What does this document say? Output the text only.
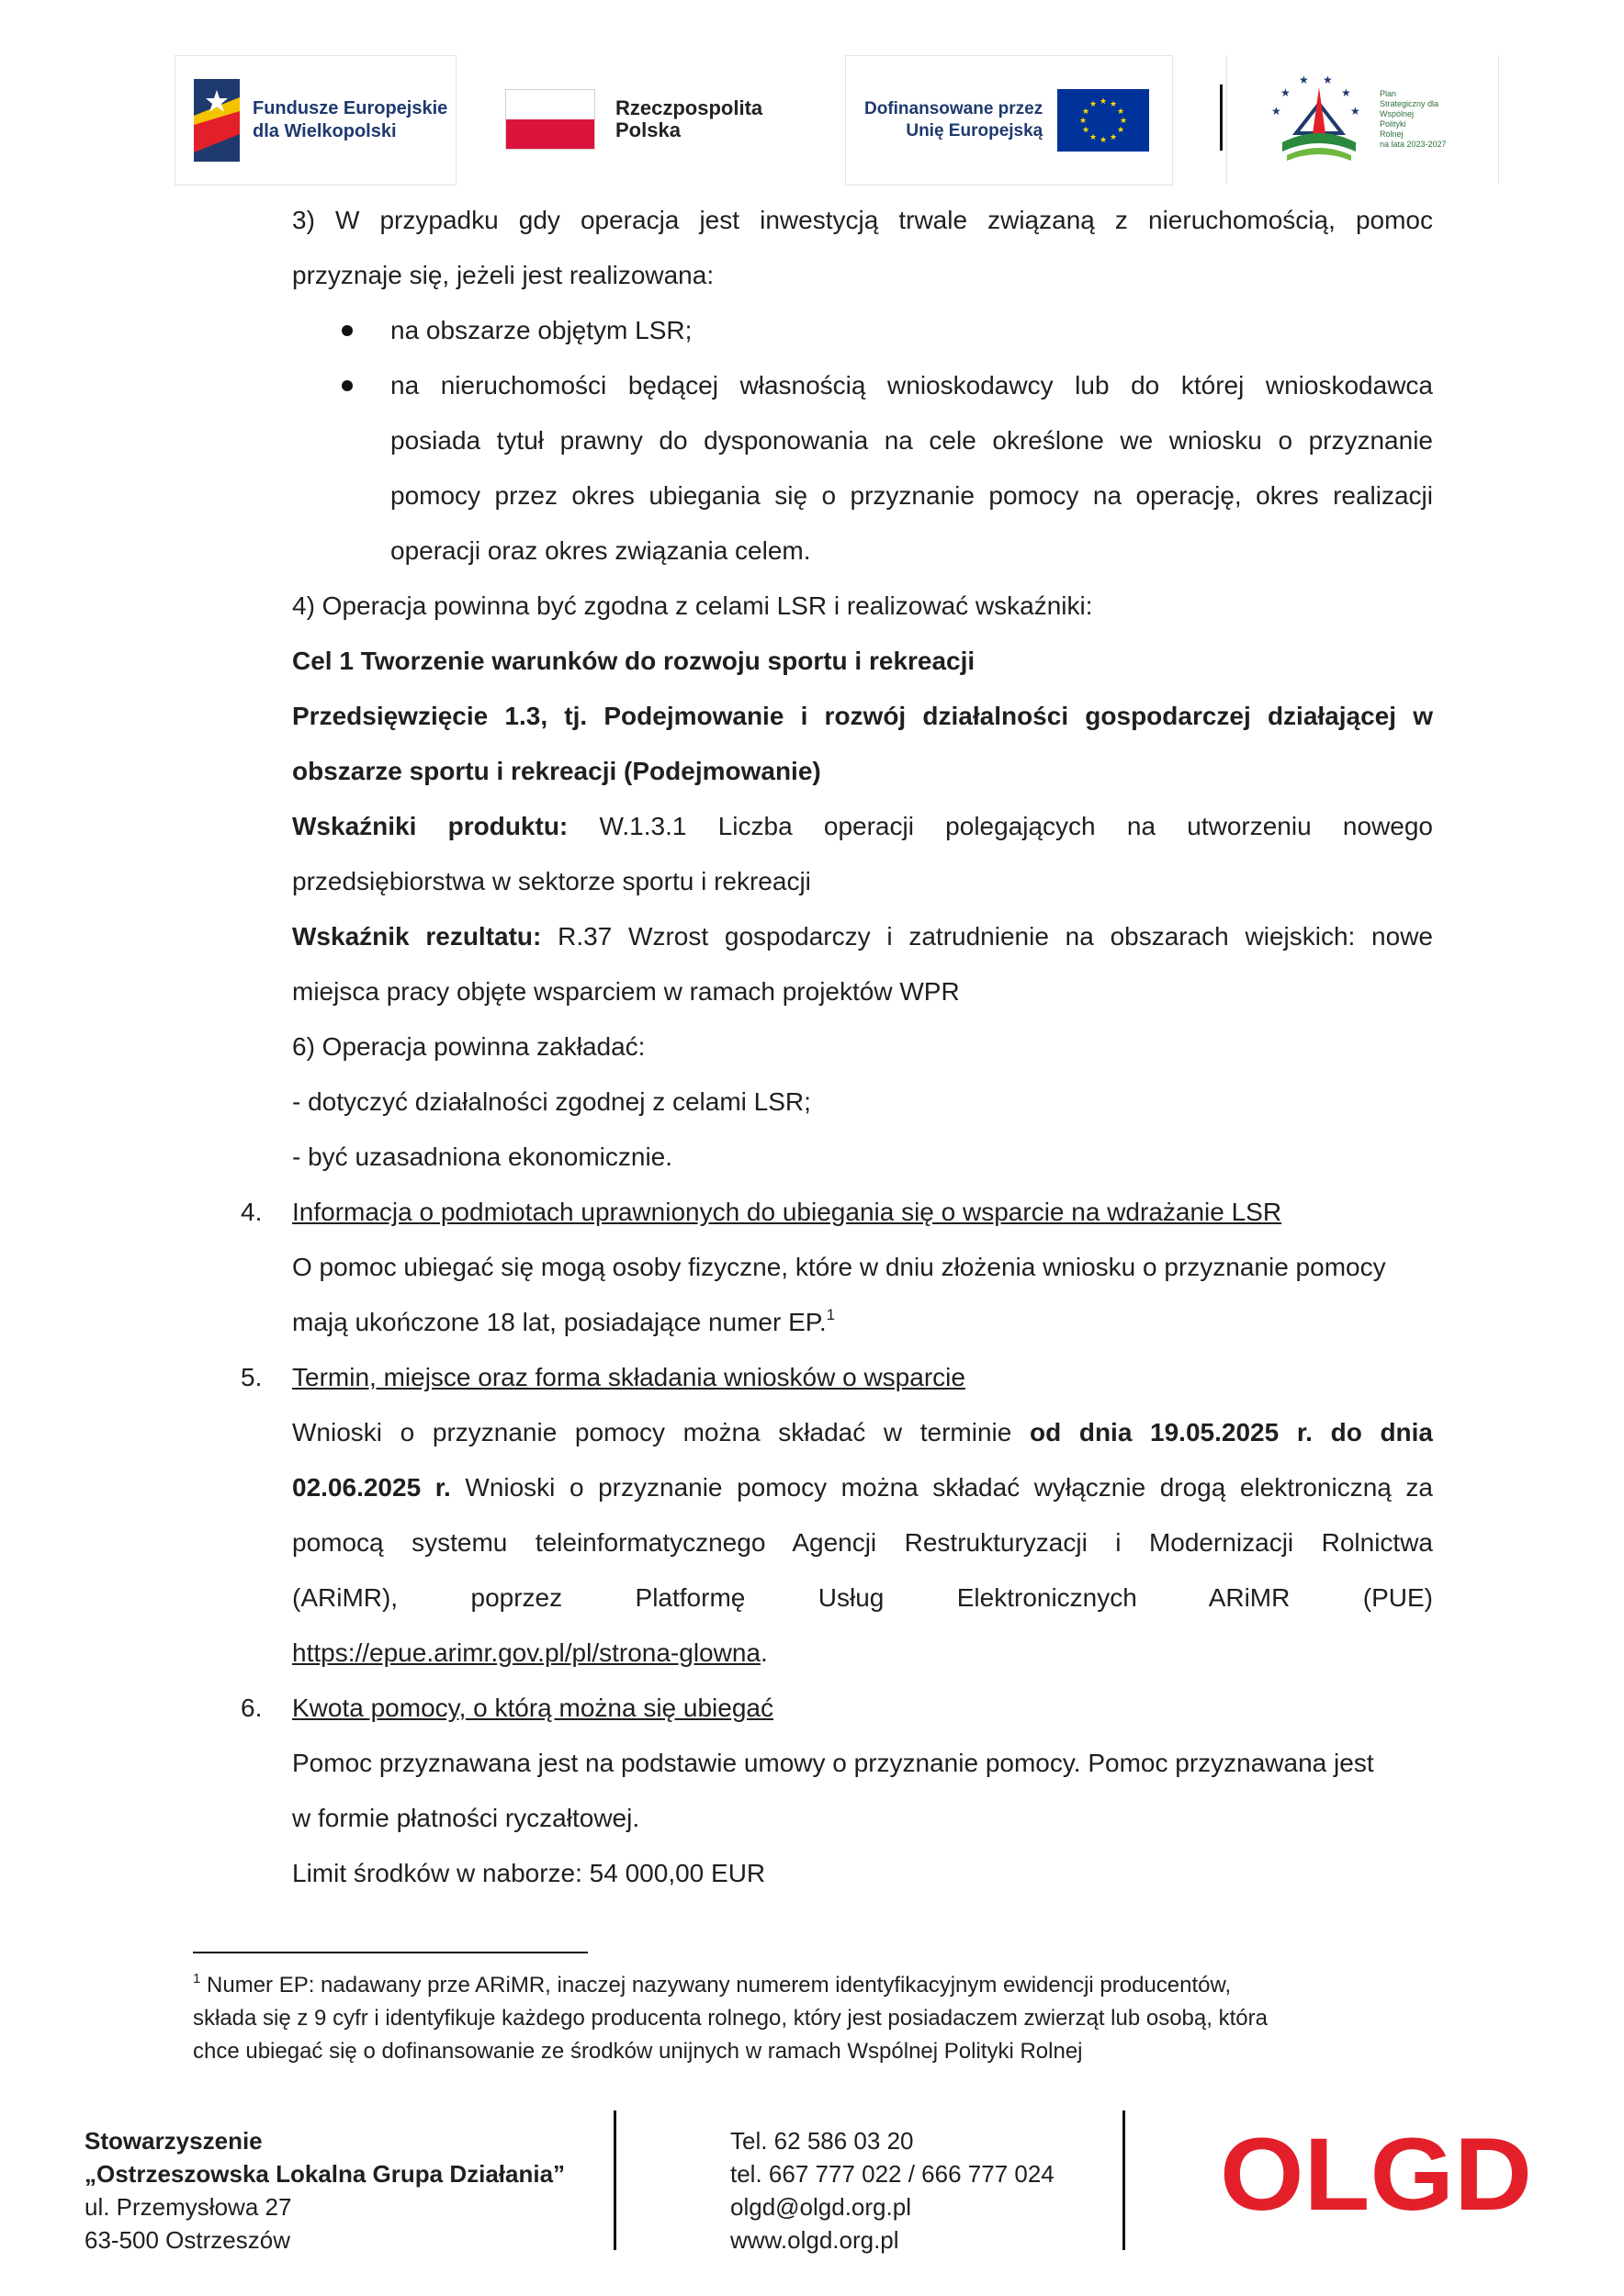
Fundusze Europejskie
dla Wielkopolski
Rzeczpospolita
Polska
Dofinansowane przez
Unię Europejską
★ ★
★
★
★
★
★
★
★
★
★
★	★
★
★ ★
★
★
Plan
Strategiczny dla
Wspólnej
Polityki
Rolnej
na lata 2023-2027
3) W przypadku gdy operacja jest inwestycją trwale związaną z nieruchomością, pomoc
przyznaje się, jeżeli jest realizowana:
na obszarze objętym LSR;
na nieruchomości będącej własnością wnioskodawcy lub do której wnioskodawca
posiada tytuł prawny do dysponowania na cele określone we wniosku o przyznanie
pomocy przez okres ubiegania się o przyznanie pomocy na operację, okres realizacji
operacji oraz okres związania celem.
4) Operacja powinna być zgodna z celami LSR i realizować wskaźniki:
Cel 1 Tworzenie warunków do rozwoju sportu i rekreacji
Przedsięwzięcie 1.3, tj. Podejmowanie i rozwój działalności gospodarczej działającej w
obszarze sportu i rekreacji (Podejmowanie)
Wskaźniki produktu: W.1.3.1 Liczba operacji polegających na utworzeniu nowego
przedsiębiorstwa w sektorze sportu i rekreacji
Wskaźnik rezultatu: R.37 Wzrost gospodarczy i zatrudnienie na obszarach wiejskich: nowe
miejsca pracy objęte wsparciem w ramach projektów WPR
6) Operacja powinna zakładać:
- dotyczyć działalności zgodnej z celami LSR;
- być uzasadniona ekonomicznie.
4. Informacja o podmiotach uprawnionych do ubiegania się o wsparcie na wdrażanie LSR
O pomoc ubiegać się mogą osoby fizyczne, które w dniu złożenia wniosku o przyznanie pomocy
mają ukończone 18 lat, posiadające numer EP.$^1$
5. Termin, miejsce oraz forma składania wniosków o wsparcie
Wnioski o przyznanie pomocy można składać w terminie od dnia 19.05.2025 r. do dnia
02.06.2025 r. Wnioski o przyznanie pomocy można składać wyłącznie drogą elektroniczną za
pomocą systemu teleinformatycznego Agencji Restrukturyzacji i Modernizacji Rolnictwa
(ARiMR), poprzez Platformę Usług Elektronicznych ARiMR (PUE)
https://epue.arimr.gov.pl/pl/strona-glowna.
6. Kwota pomocy, o którą można się ubiegać
Pomoc przyznawana jest na podstawie umowy o przyznanie pomocy. Pomoc przyznawana jest
w formie płatności ryczałtowej.
Limit środków w naborze: 54 000,00 EUR
$^1$ Numer EP: nadawany prze ARiMR, inaczej nazywany numerem identyfikacyjnym ewidencji producentów,
składa się z 9 cyfr i identyfikuje każdego producenta rolnego, który jest posiadaczem zwierząt lub osobą, która
chce ubiegać się o dofinansowanie ze środków unijnych w ramach Wspólnej Polityki Rolnej
Stowarzyszenie
„Ostrzeszowska Lokalna Grupa Działania”
ul. Przemysłowa 27
63-500 Ostrzeszów
Tel. 62 586 03 20
tel. 667 777 022 / 666 777 024
olgd@olgd.org.pl
www.olgd.org.pl
OLGD
